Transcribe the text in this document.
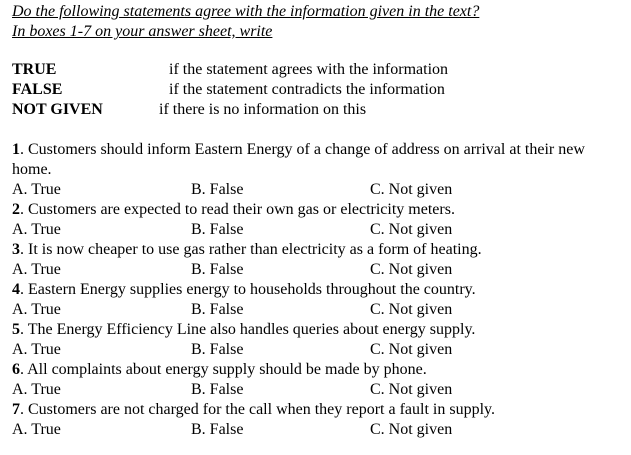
Do the following statements agree with the information given in the text?
In boxes 1-7 on your answer sheet, write
TRUE	if the statement agrees with the information
FALSE	if the statement contradicts the information
NOT GIVEN	if there is no information on this
1. Customers should inform Eastern Energy of a change of address on arrival at their new home.
A. True	B. False	C. Not given
2. Customers are expected to read their own gas or electricity meters.
A. True	B. False	C. Not given
3. It is now cheaper to use gas rather than electricity as a form of heating.
A. True	B. False	C. Not given
4. Eastern Energy supplies energy to households throughout the country.
A. True	B. False	C. Not given
5. The Energy Efficiency Line also handles queries about energy supply.
A. True	B. False	C. Not given
6. All complaints about energy supply should be made by phone.
A. True	B. False	C. Not given
7. Customers are not charged for the call when they report a fault in supply.
A. True	B. False	C. Not given
